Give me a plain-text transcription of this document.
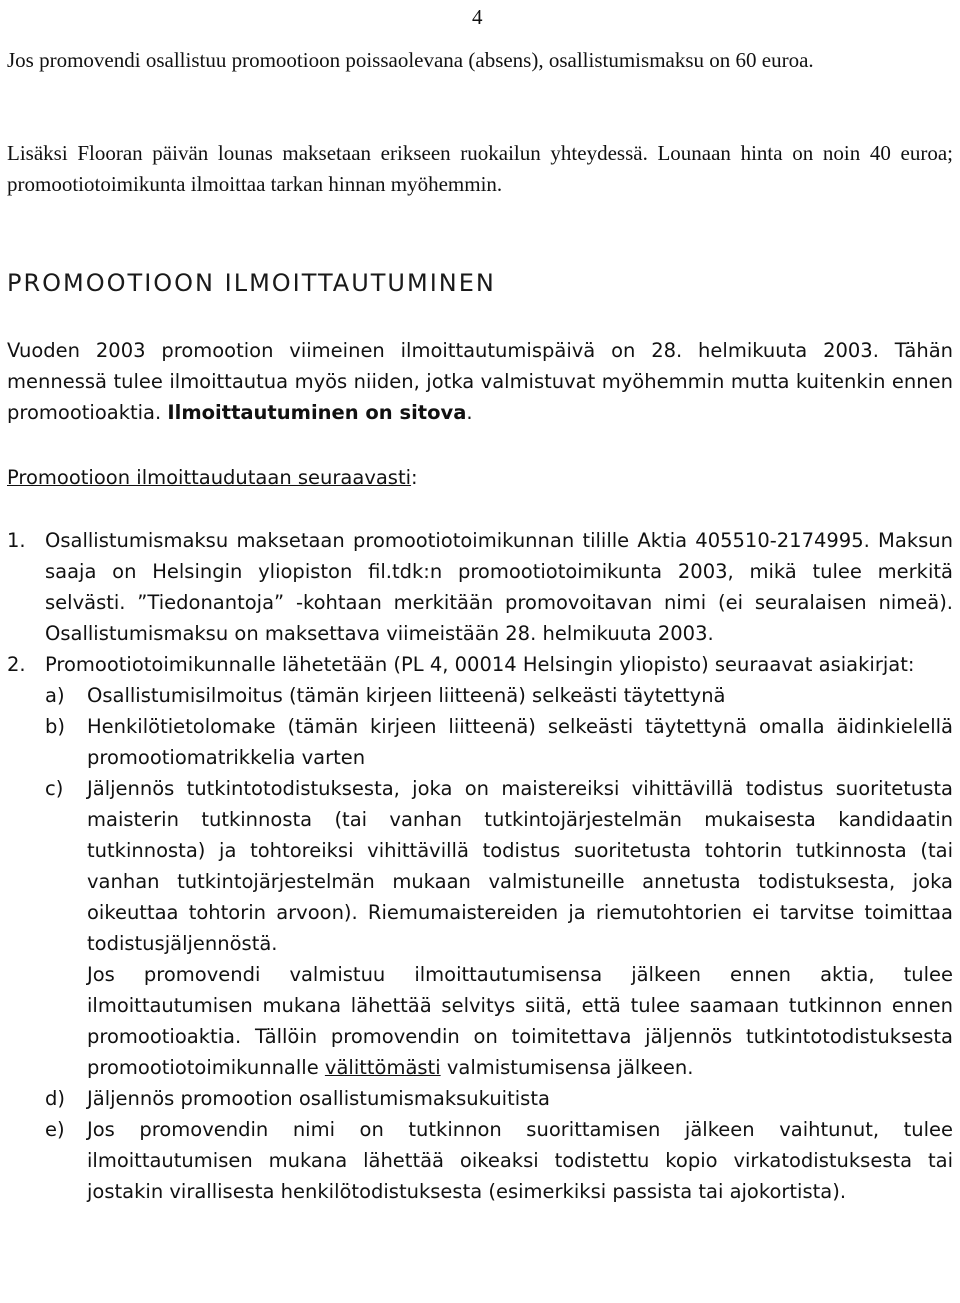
4

Jos promovendi osallistuu promootioon poissaolevana (absens), osallistumismaksu on 60 euroa.

Lisäksi Flooran päivän lounas maksetaan erikseen ruokailun yhteydessä. Lounaan hinta on noin 40 euroa; promootiotoimikunta ilmoittaa tarkan hinnan myöhemmin.

PROMOOTIOON ILMOITTAUTUMINEN

Vuoden 2003 promootion viimeinen ilmoittautumispäivä on 28. helmikuuta 2003. Tähän mennessä tulee ilmoittautua myös niiden, jotka valmistuvat myöhemmin mutta kuitenkin ennen promootioaktia. Ilmoittautuminen on sitova.

Promootioon ilmoittaudutaan seuraavasti:

1. Osallistumismaksu maksetaan promootiotoimikunnan tilille Aktia 405510-2174995. Maksun saaja on Helsingin yliopiston fil.tdk:n promootiotoimikunta 2003, mikä tulee merkitä selvästi. ”Tiedonantoja” -kohtaan merkitään promovoitavan nimi (ei seuralaisen nimeä). Osallistumismaksu on maksettava viimeistään 28. helmikuuta 2003.
2. Promootiotoimikunnalle lähetetään (PL 4, 00014 Helsingin yliopisto) seuraavat asiakirjat:
a) Osallistumisilmoitus (tämän kirjeen liitteenä) selkeästi täytettynä
b) Henkilötietolomake (tämän kirjeen liitteenä) selkeästi täytettynä omalla äidinkielellä promootiomatrikkelia varten
c) Jäljennös tutkintotodistuksesta, joka on maistereiksi vihittävillä todistus suoritetusta maisterin tutkinnosta (tai vanhan tutkintojärjestelmän mukaisesta kandidaatin tutkinnosta) ja tohtoreiksi vihittävillä todistus suoritetusta tohtorin tutkinnosta (tai vanhan tutkintojärjestelmän mukaan valmistuneille annetusta todistuksesta, joka oikeuttaa tohtorin arvoon). Riemumaistereiden ja riemutohtorien ei tarvitse toimittaa todistusjäljennöstä.
Jos promovendi valmistuu ilmoittautumisensa jälkeen ennen aktia, tulee ilmoittautumisen mukana lähettää selvitys siitä, että tulee saamaan tutkinnon ennen promootioaktia. Tällöin promovendin on toimitettava jäljennös tutkintotodistuksesta promootiotoimikunnalle välittömästi valmistumisensa jälkeen.
d) Jäljennös promootion osallistumismaksukuitista
e) Jos promovendin nimi on tutkinnon suorittamisen jälkeen vaihtunut, tulee ilmoittautumisen mukana lähettää oikeaksi todistettu kopio virkatodistuksesta tai jostakin virallisesta henkilötodistuksesta (esimerkiksi passista tai ajokortista).
